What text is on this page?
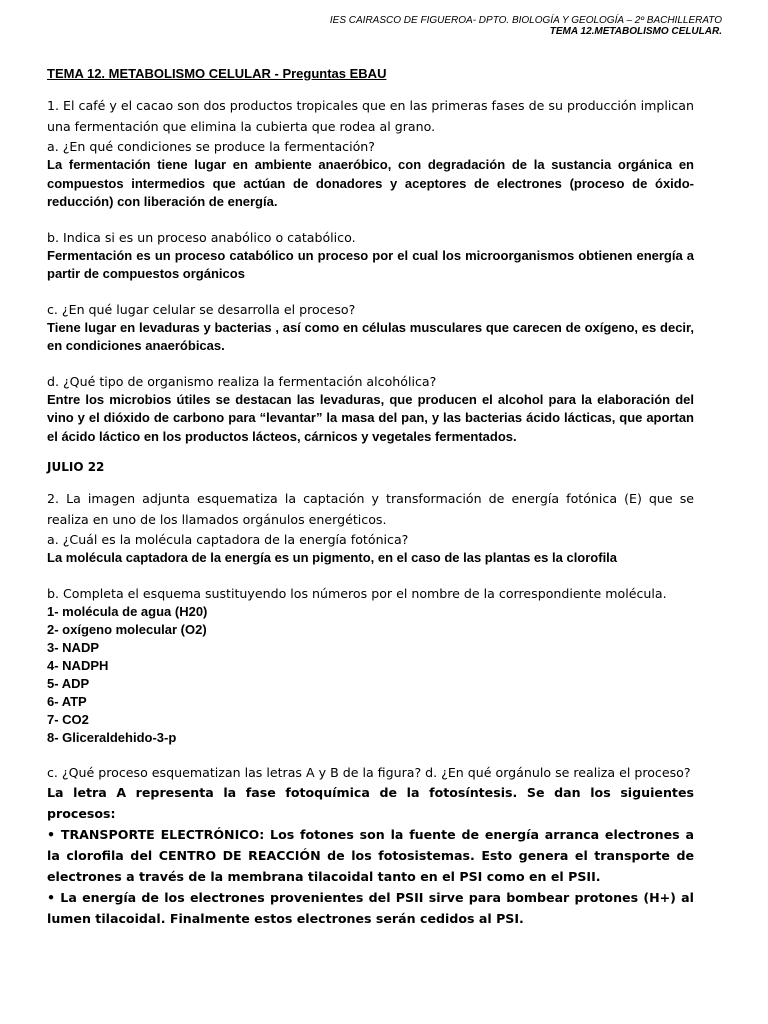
IES CAIRASCO DE FIGUEROA- DPTO. BIOLOGÍA Y GEOLOGÍA – 2º BACHILLERATO
TEMA 12.METABOLISMO CELULAR.
TEMA 12. METABOLISMO CELULAR - Preguntas EBAU
1. El café y el cacao son dos productos tropicales que en las primeras fases de su producción implican una fermentación que elimina la cubierta que rodea al grano.
a. ¿En qué condiciones se produce la fermentación?
La fermentación tiene lugar en ambiente anaeróbico, con degradación de la sustancia orgánica en compuestos intermedios que actúan de donadores y aceptores de electrones (proceso de óxido-reducción) con liberación de energía.
b. Indica si es un proceso anabólico o catabólico.
Fermentación es un proceso catabólico un proceso por el cual los microorganismos obtienen energía a partir de compuestos orgánicos
c. ¿En qué lugar celular se desarrolla el proceso?
Tiene lugar en levaduras y bacterias , así como en células musculares que carecen de oxígeno, es decir, en condiciones anaeróbicas.
d. ¿Qué tipo de organismo realiza la fermentación alcohólica?
Entre los microbios útiles se destacan las levaduras, que producen el alcohol para la elaboración del vino y el dióxido de carbono para “levantar” la masa del pan, y las bacterias ácido lácticas, que aportan el ácido láctico en los productos lácteos, cárnicos y vegetales fermentados.
JULIO 22
2. La imagen adjunta esquematiza la captación y transformación de energía fotónica (E) que se realiza en uno de los llamados orgánulos energéticos.
a. ¿Cuál es la molécula captadora de la energía fotónica?
La molécula captadora de la energía es un pigmento, en el caso de las plantas es la clorofila
b. Completa el esquema sustituyendo los números por el nombre de la correspondiente molécula.
1- molécula de agua (H20)
2- oxígeno molecular (O2)
3- NADP
4- NADPH
5- ADP
6- ATP
7- CO2
8- Gliceraldehido-3-p
c. ¿Qué proceso esquematizan las letras A y B de la figura? d. ¿En qué orgánulo se realiza el proceso?
La letra A representa la fase fotoquímica de la fotosíntesis. Se dan los siguientes procesos:
• TRANSPORTE ELECTRÓNICO: Los fotones son la fuente de energía arranca electrones a la clorofila del CENTRO DE REACCIÓN de los fotosistemas. Esto genera el transporte de electrones a través de la membrana tilacoidal tanto en el PSI como en el PSII.
• La energía de los electrones provenientes del PSII sirve para bombear protones (H+) al lumen tilacoidal. Finalmente estos electrones serán cedidos al PSI.
